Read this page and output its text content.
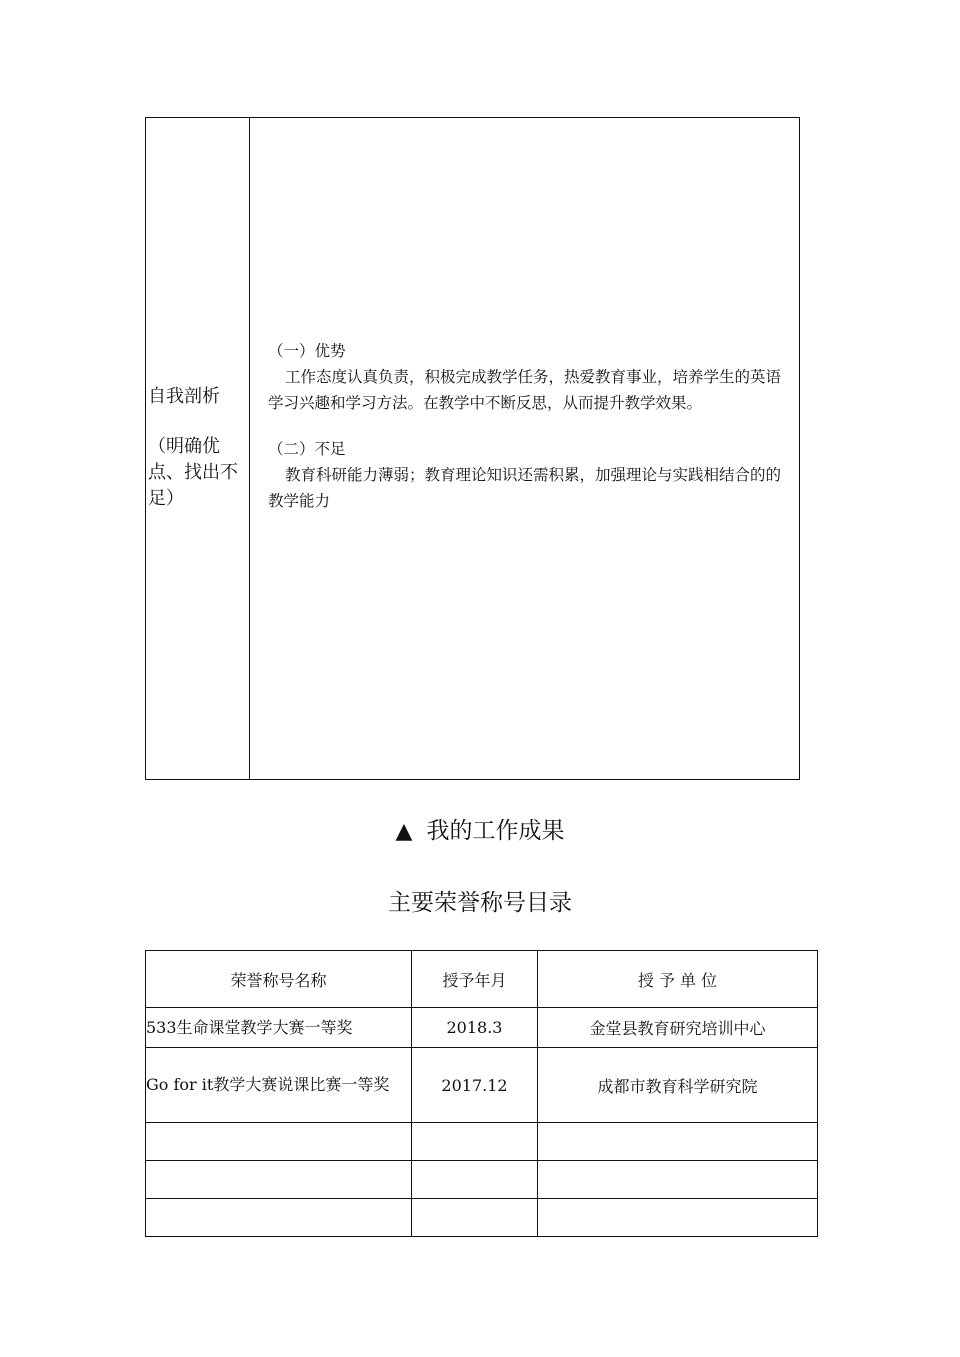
自我剖析
（明确优点、找出不足）
（一）优势

工作态度认真负责，积极完成教学任务，热爱教育事业，培养学生的英语学习兴趣和学习方法。在教学中不断反思，从而提升教学效果。

（二）不足

教育科研能力薄弱；教育理论知识还需积累，加强理论与实践相结合的的教学能力

▲ 我的工作成果
主要荣誉称号目录
荣誉称号名称	授予年月	授 予 单 位
533生命课堂教学大赛一等奖	2018.3	金堂县教育研究培训中心
Go for it教学大赛说课比赛一等奖	2017.12	成都市教育科学研究院
